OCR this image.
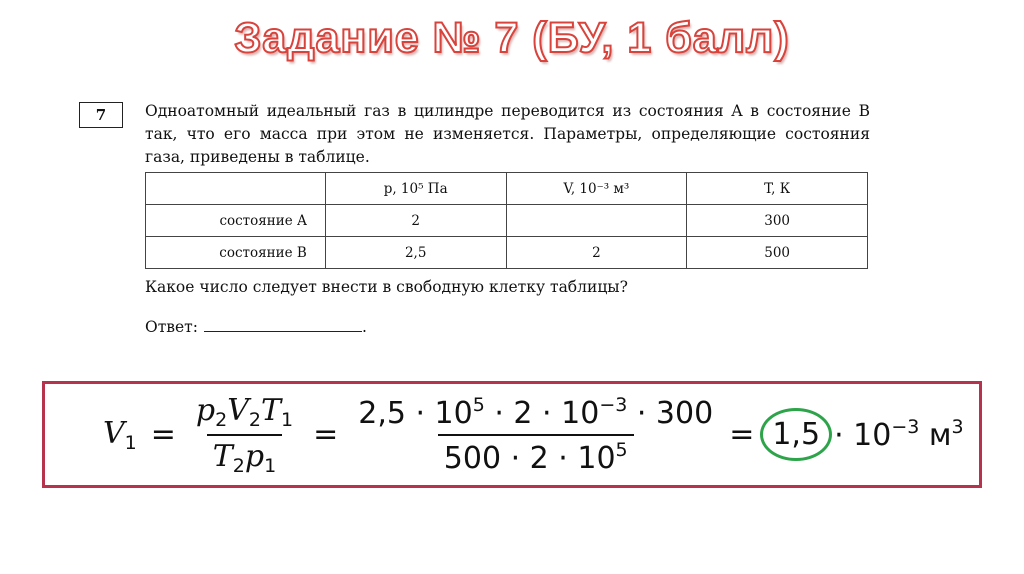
Задание № 7 (БУ, 1 балл)
7	Одноатомный идеальный газ в цилиндре переводится из состояния A в состояние B так, что его масса при этом не изменяется. Параметры, определяющие состояния газа, приведены в таблице.

	p, 10⁵ Па	V, 10⁻³ м³	T, К
состояние A	2		300
состояние B	2,5	2	500

Какое число следует внести в свободную клетку таблицы?

Ответ:	.

$V_1 = \frac{p_2V_2T_1}{T_2p_1} = \frac{2,5 \cdot 10^5 \cdot 2 \cdot 10^{-3} \cdot 300}{500 \cdot 2 \cdot 10^5} = 1,5 \cdot 10^{-3}$ $м^3$
